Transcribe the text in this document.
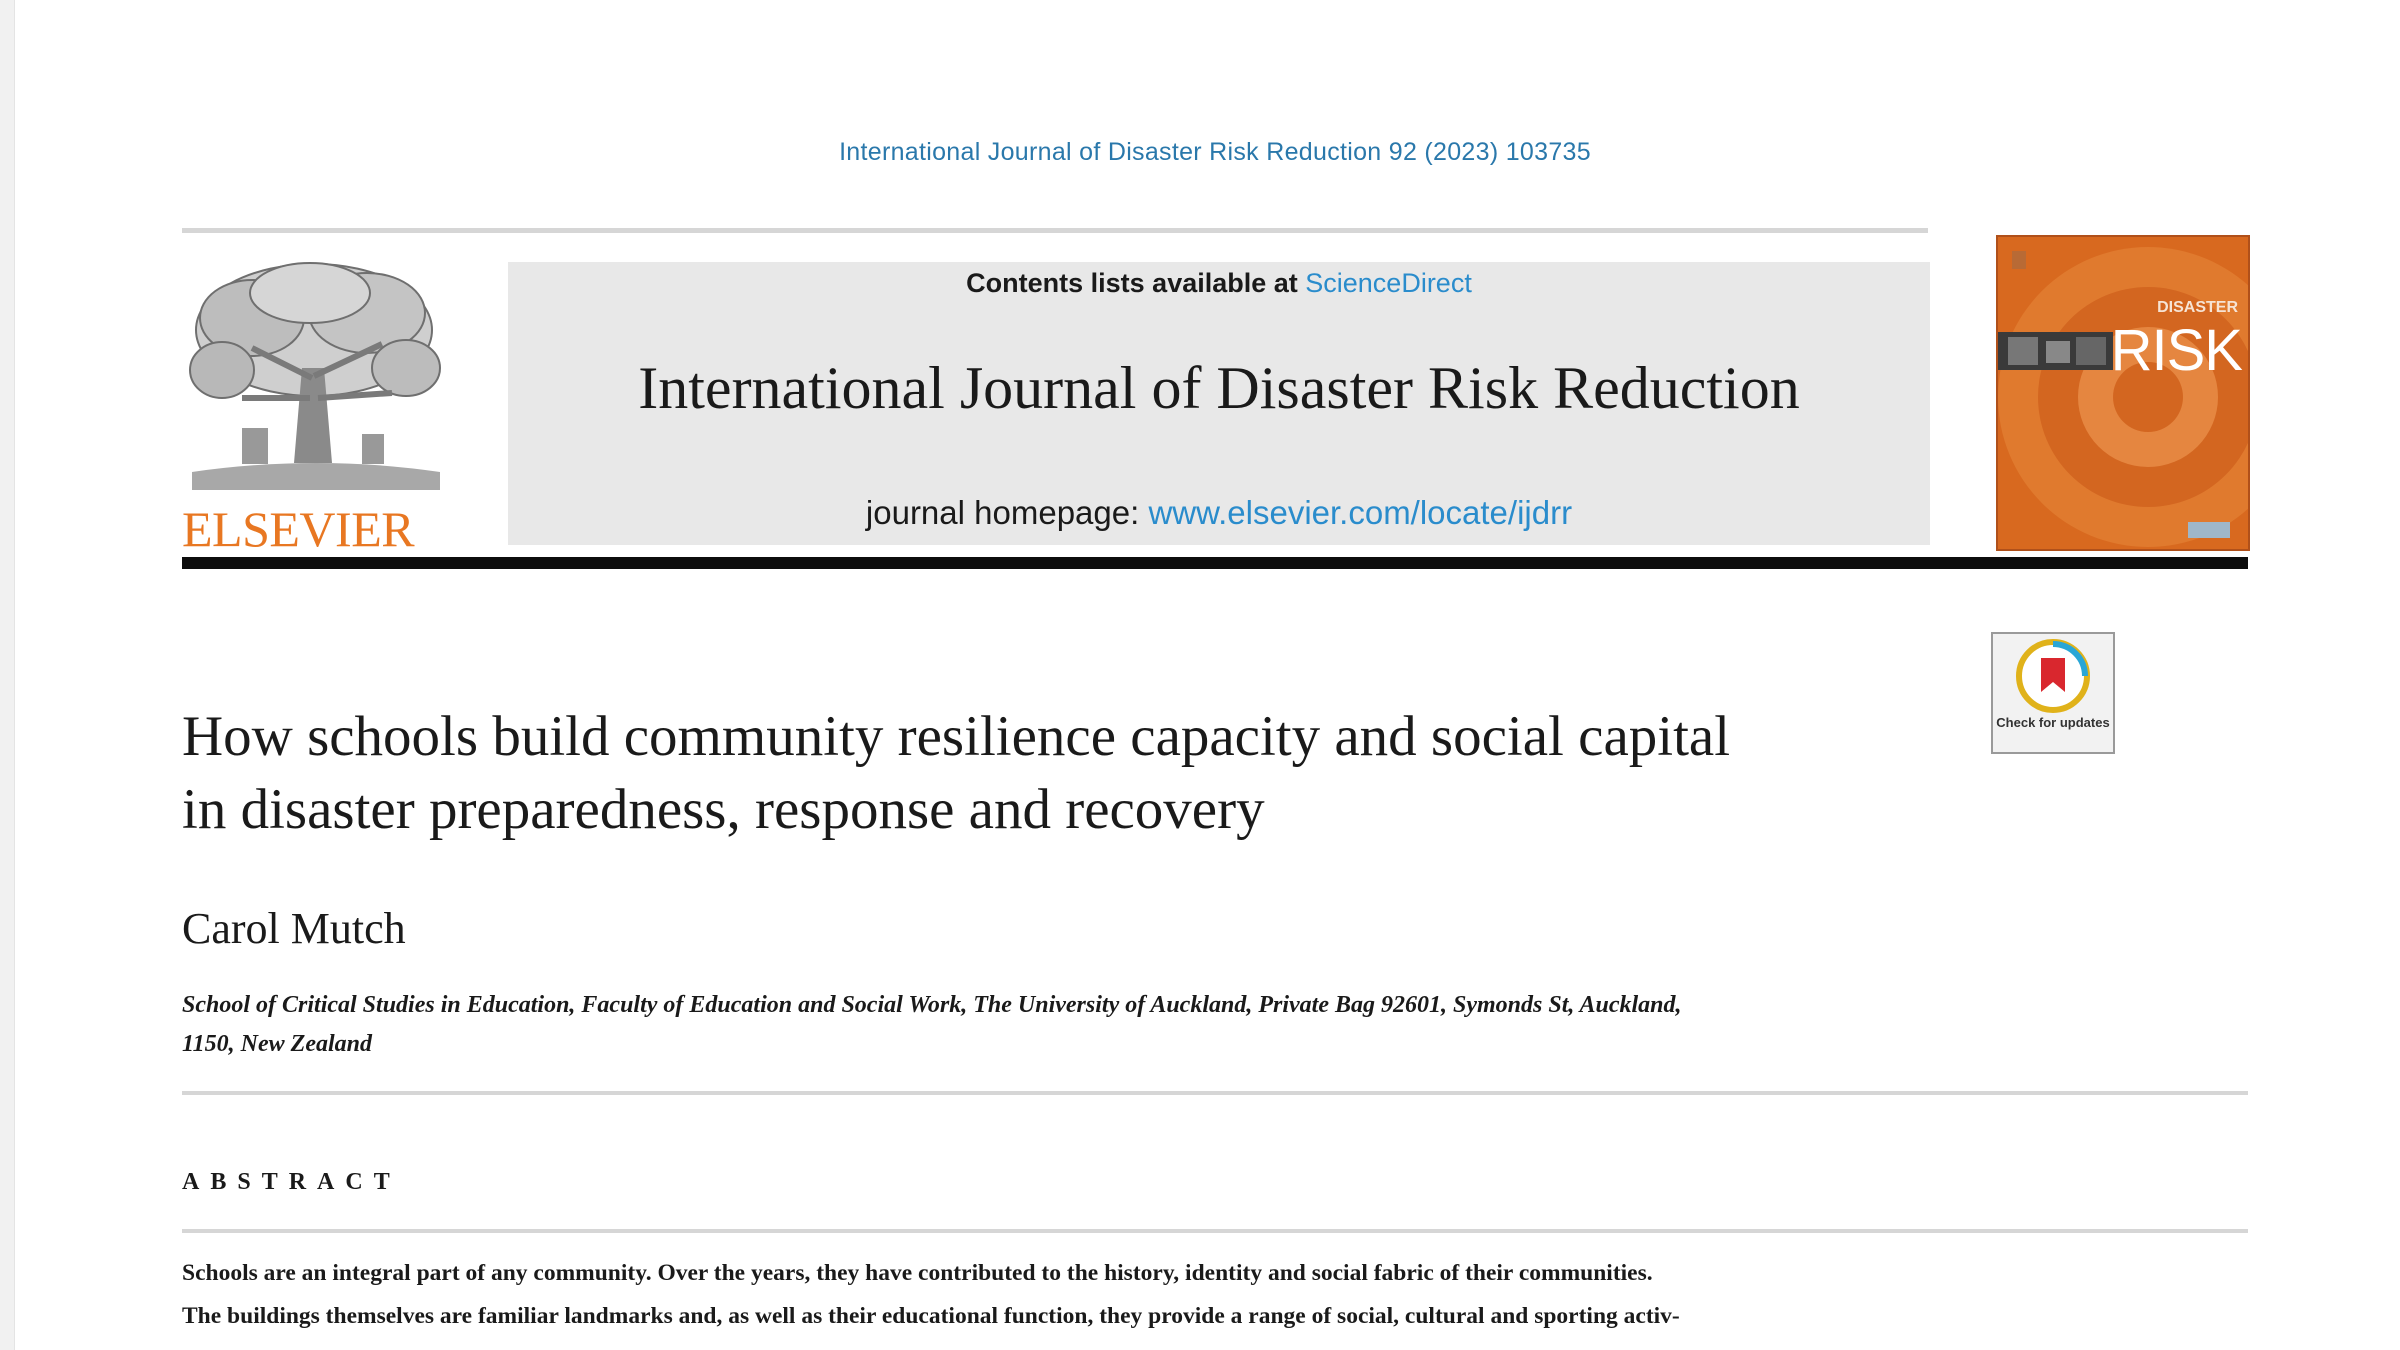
International Journal of Disaster Risk Reduction 92 (2023) 103735
ELSEVIER
Contents lists available at ScienceDirect
International Journal of Disaster Risk Reduction
journal homepage: www.elsevier.com/locate/ijdrr
DISASTER
RISK
Check for updates
How schools build community resilience capacity and social capital
in disaster preparedness, response and recovery
Carol Mutch
School of Critical Studies in Education, Faculty of Education and Social Work, The University of Auckland, Private Bag 92601, Symonds St, Auckland,
1150, New Zealand
ABSTRACT
Schools are an integral part of any community. Over the years, they have contributed to the history, identity and social fabric of their communities.
The buildings themselves are familiar landmarks and, as well as their educational function, they provide a range of social, cultural and sporting activ-
